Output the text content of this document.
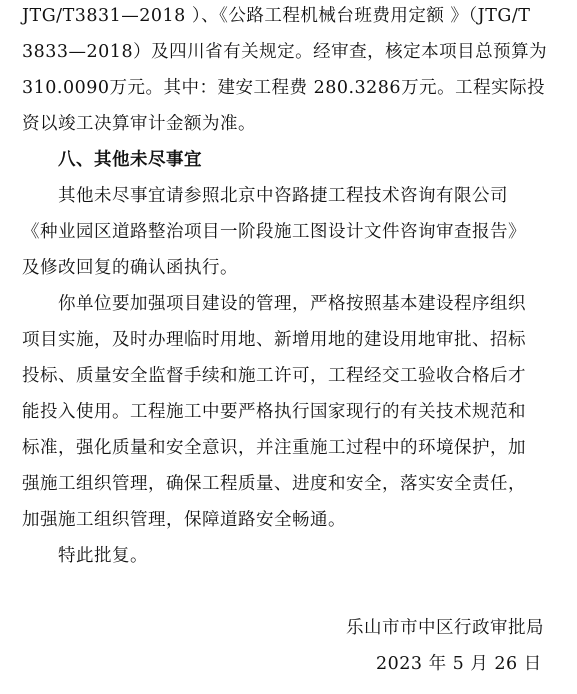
JTG/T3831—2018 ）、《公路工程机械台班费用定额 》（JTG/T
3833—2018）及四川省有关规定。经审查，核定本项目总预算为
310.0090万元。其中：建安工程费 280.3286万元。工程实际投
资以竣工决算审计金额为准。
八、其他未尽事宜
其他未尽事宜请参照北京中咨路捷工程技术咨询有限公司
《种业园区道路整治项目一阶段施工图设计文件咨询审查报告》
及修改回复的确认函执行。
你单位要加强项目建设的管理，严格按照基本建设程序组织
项目实施，及时办理临时用地、新增用地的建设用地审批、招标
投标、质量安全监督手续和施工许可，工程经交工验收合格后才
能投入使用。工程施工中要严格执行国家现行的有关技术规范和
标准，强化质量和安全意识，并注重施工过程中的环境保护，加
强施工组织管理，确保工程质量、进度和安全，落实安全责任，
加强施工组织管理，保障道路安全畅通。
特此批复。
乐山市市中区行政审批局
2023 年 5 月 26 日
